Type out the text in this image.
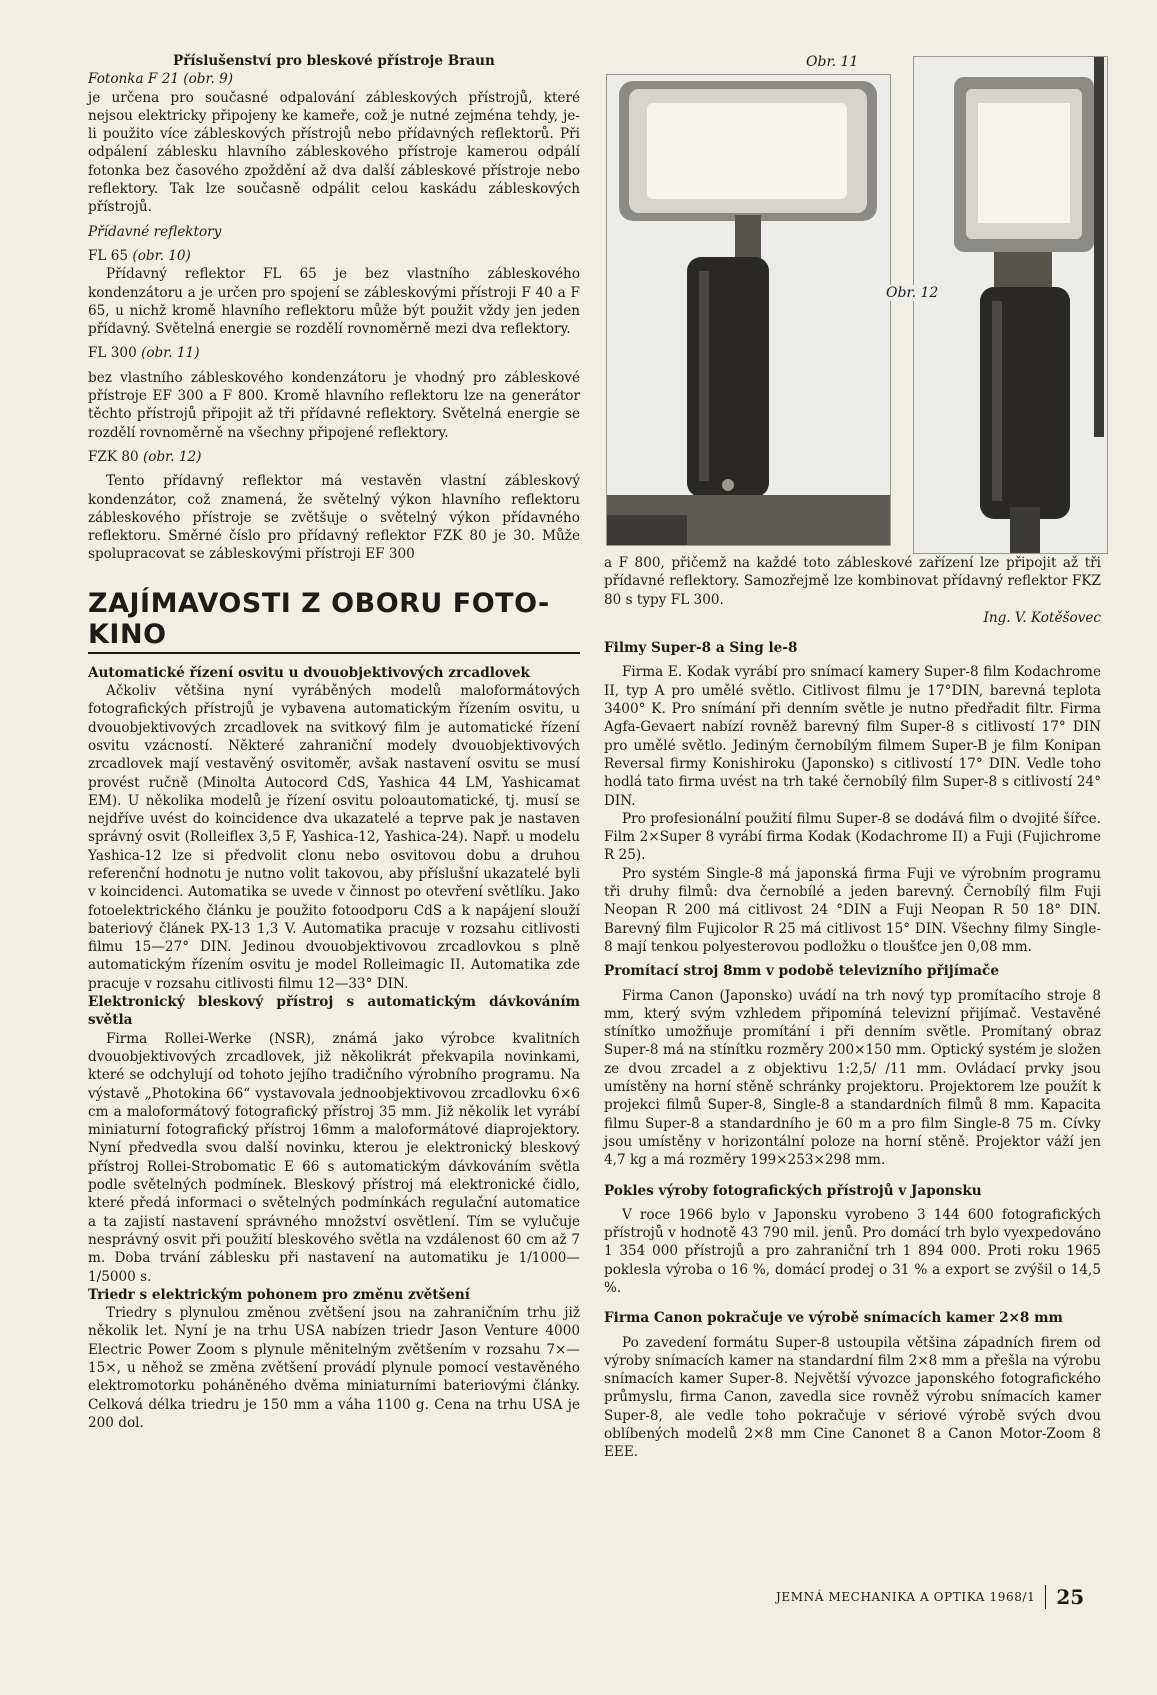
Příslušenství pro bleskové přístroje Braun

Fotonka F 21 (obr. 9)

je určena pro současné odpalování zábleskových přístrojů, které nejsou elektricky připojeny ke kameře, což je nutné zejména tehdy, je-li použito více zábleskových přístrojů nebo přídavných reflektorů. Při odpálení záblesku hlavního zábleskového přístroje kamerou odpálí fotonka bez časového zpoždění až dva další zábleskové přístroje nebo reflektory. Tak lze současně odpálit celou kaskádu zábleskových přístrojů.

Přídavné reflektory

FL 65 (obr. 10)

Přídavný reflektor FL 65 je bez vlastního zábleskového kondenzátoru a je určen pro spojení se zábleskovými přístroji F 40 a F 65, u nichž kromě hlavního reflektoru může být použit vždy jen jeden přídavný. Světelná energie se rozdělí rovnoměrně mezi dva reflektory.

FL 300 (obr. 11)

bez vlastního zábleskového kondenzátoru je vhodný pro zábleskové přístroje EF 300 a F 800. Kromě hlavního reflektoru lze na generátor těchto přístrojů připojit až tři přídavné reflektory. Světelná energie se rozdělí rovnoměrně na všechny připojené reflektory.

FZK 80 (obr. 12)

Tento přídavný reflektor má vestavěn vlastní zábleskový kondenzátor, což znamená, že světelný výkon hlavního reflektoru zábleskového přístroje se zvětšuje o světelný výkon přídavného reflektoru. Směrné číslo pro přídavný reflektor FZK 80 je 30. Může spolupracovat se zábleskovými přístroji EF 300

ZAJÍMAVOSTI Z OBORU FOTO-KINO

Automatické řízení osvitu u dvouobjektivových zrcadlovek

Ačkoliv většina nyní vyráběných modelů maloformátových fotografických přístrojů je vybavena automatickým řízením osvitu, u dvouobjektivových zrcadlovek na svitkový film je automatické řízení osvitu vzácností. Některé zahraniční modely dvouobjektivových zrcadlovek mají vestavěný osvitoměr, avšak nastavení osvitu se musí provést ručně (Minolta Autocord CdS, Yashica 44 LM, Yashicamat EM). U několika modelů je řízení osvitu poloautomatické, tj. musí se nejdříve uvést do koincidence dva ukazatelé a teprve pak je nastaven správný osvit (Rolleiflex 3,5 F, Yashica-12, Yashica-24). Např. u modelu Yashica-12 lze si předvolit clonu nebo osvitovou dobu a druhou referenční hodnotu je nutno volit takovou, aby příslušní ukazatelé byli v koincidenci. Automatika se uvede v činnost po otevření světlíku. Jako fotoelektrického článku je použito fotoodporu CdS a k napájení slouží bateriový článek PX-13 1,3 V. Automatika pracuje v rozsahu citlivosti filmu 15—27° DIN. Jedinou dvouobjektivovou zrcadlovkou s plně automatickým řízením osvitu je model Rolleimagic II. Automatika zde pracuje v rozsahu citlivosti filmu 12—33° DIN.

Elektronický bleskový přístroj s automatickým dávkováním světla

Firma Rollei-Werke (NSR), známá jako výrobce kvalitních dvouobjektivových zrcadlovek, již několikrát překvapila novinkami, které se odchylují od tohoto jejího tradičního výrobního programu. Na výstavě „Photokina 66“ vystavovala jednoobjektivovou zrcadlovku 6×6 cm a maloformátový fotografický přístroj 35 mm. Již několik let vyrábí miniaturní fotografický přístroj 16mm a maloformátové diaprojektory. Nyní předvedla svou další novinku, kterou je elektronický bleskový přístroj Rollei-Strobomatic E 66 s automatickým dávkováním světla podle světelných podmínek. Bleskový přístroj má elektronické čidlo, které předá informaci o světelných podmínkách regulační automatice a ta zajistí nastavení správného množství osvětlení. Tím se vylučuje nesprávný osvit při použití bleskového světla na vzdálenost 60 cm až 7 m. Doba trvání záblesku při nastavení na automatiku je 1/1000—1/5000 s.

Triedr s elektrickým pohonem pro změnu zvětšení

Triedry s plynulou změnou zvětšení jsou na zahraničním trhu již několik let. Nyní je na trhu USA nabízen triedr Jason Venture 4000 Electric Power Zoom s plynule měnitelným zvětšením v rozsahu 7×—15×, u něhož se změna zvětšení provádí plynule pomocí vestavěného elektromotorku poháněného dvěma miniaturními bateriovými články. Celková délka triedru je 150 mm a váha 1100 g. Cena na trhu USA je 200 dol.

Obr. 11
Obr. 12

a F 800, přičemž na každé toto zábleskové zařízení lze připojit až tři přídavné reflektory. Samozřejmě lze kombinovat přídavný reflektor FKZ 80 s typy FL 300.

Ing. V. Kotěšovec

Filmy Super-8 a Sing le-8

Firma E. Kodak vyrábí pro snímací kamery Super-8 film Kodachrome II, typ A pro umělé světlo. Citlivost filmu je 17°DIN, barevná teplota 3400° K. Pro snímání při denním světle je nutno předřadit filtr. Firma Agfa-Gevaert nabízí rovněž barevný film Super-8 s citlivostí 17° DIN pro umělé světlo. Jediným černobílým filmem Super-B je film Konipan Reversal firmy Konishiroku (Japonsko) s citlivostí 17° DIN. Vedle toho hodlá tato firma uvést na trh také černobílý film Super-8 s citlivostí 24° DIN.

Pro profesionální použití filmu Super-8 se dodává film o dvojité šířce. Film 2×Super 8 vyrábí firma Kodak (Kodachrome II) a Fuji (Fujichrome R 25).

Pro systém Single-8 má japonská firma Fuji ve výrobním programu tři druhy filmů: dva černobílé a jeden barevný. Černobílý film Fuji Neopan R 200 má citlivost 24 °DIN a Fuji Neopan R 50 18° DIN. Barevný film Fujicolor R 25 má citlivost 15° DIN. Všechny filmy Single-8 mají tenkou polyesterovou podložku o tloušťce jen 0,08 mm.

Promítací stroj 8mm v podobě televizního přijímače

Firma Canon (Japonsko) uvádí na trh nový typ promítacího stroje 8 mm, který svým vzhledem připomíná televizní přijímač. Vestavěné stínítko umožňuje promítání i při denním světle. Promítaný obraz Super-8 má na stínítku rozměry 200×150 mm. Optický systém je složen ze dvou zrcadel a z objektivu 1:2,5/ /11 mm. Ovládací prvky jsou umístěny na horní stěně schránky projektoru. Projektorem lze použít k projekci filmů Super-8, Single-8 a standardních filmů 8 mm. Kapacita filmu Super-8 a standardního je 60 m a pro film Single-8 75 m. Cívky jsou umístěny v horizontální poloze na horní stěně. Projektor váží jen 4,7 kg a má rozměry 199×253×298 mm.

Pokles výroby fotografických přístrojů v Japonsku

V roce 1966 bylo v Japonsku vyrobeno 3 144 600 fotografických přístrojů v hodnotě 43 790 mil. jenů. Pro domácí trh bylo vyexpedováno 1 354 000 přístrojů a pro zahraniční trh 1 894 000. Proti roku 1965 poklesla výroba o 16 %, domácí prodej o 31 % a export se zvýšil o 14,5 %.

Firma Canon pokračuje ve výrobě snímacích kamer 2×8 mm

Po zavedení formátu Super-8 ustoupila většina západních firem od výroby snímacích kamer na standardní film 2×8 mm a přešla na výrobu snímacích kamer Super-8. Největší vývozce japonského fotografického průmyslu, firma Canon, zavedla sice rovněž výrobu snímacích kamer Super-8, ale vedle toho pokračuje v sériové výrobě svých dvou oblíbených modelů 2×8 mm Cine Canonet 8 a Canon Motor-Zoom 8 EEE.

JEMNÁ MECHANIKA A OPTIKA 1968/1 25
